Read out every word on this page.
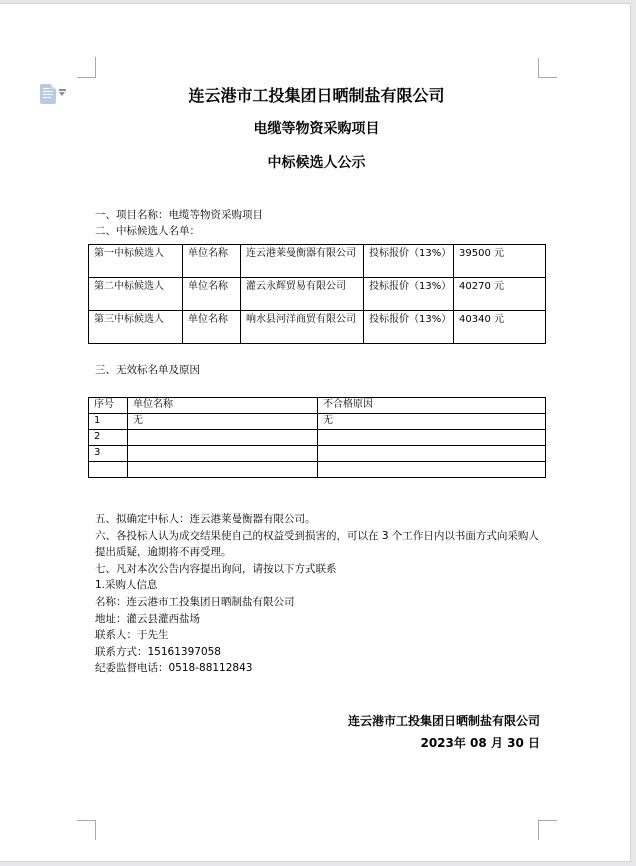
连云港市工投集团日晒制盐有限公司
电缆等物资采购项目
中标候选人公示
一、项目名称：电缆等物资采购项目
二、中标候选人名单：
第一中标候选人	单位名称	连云港莱曼衡器有限公司	投标报价（13%）	39500 元
第二中标候选人	单位名称	灌云永辉贸易有限公司	投标报价（13%）	40270 元
第三中标候选人	单位名称	响水县河洋商贸有限公司	投标报价（13%）	40340 元
三、无效标名单及原因
序号	单位名称	不合格原因
1	无	无
2		
3		

五、拟确定中标人：连云港莱曼衡器有限公司。
六、各投标人认为成交结果使自己的权益受到损害的，可以在 3 个工作日内以书面方式向采购人提出质疑，逾期将不再受理。
七、凡对本次公告内容提出询问，请按以下方式联系
1.采购人信息
名称：连云港市工投集团日晒制盐有限公司
地址：灌云县灌西盐场
联系人：于先生
联系方式：15161397058
纪委监督电话：0518-88112843
连云港市工投集团日晒制盐有限公司
2023年 08 月 30 日
